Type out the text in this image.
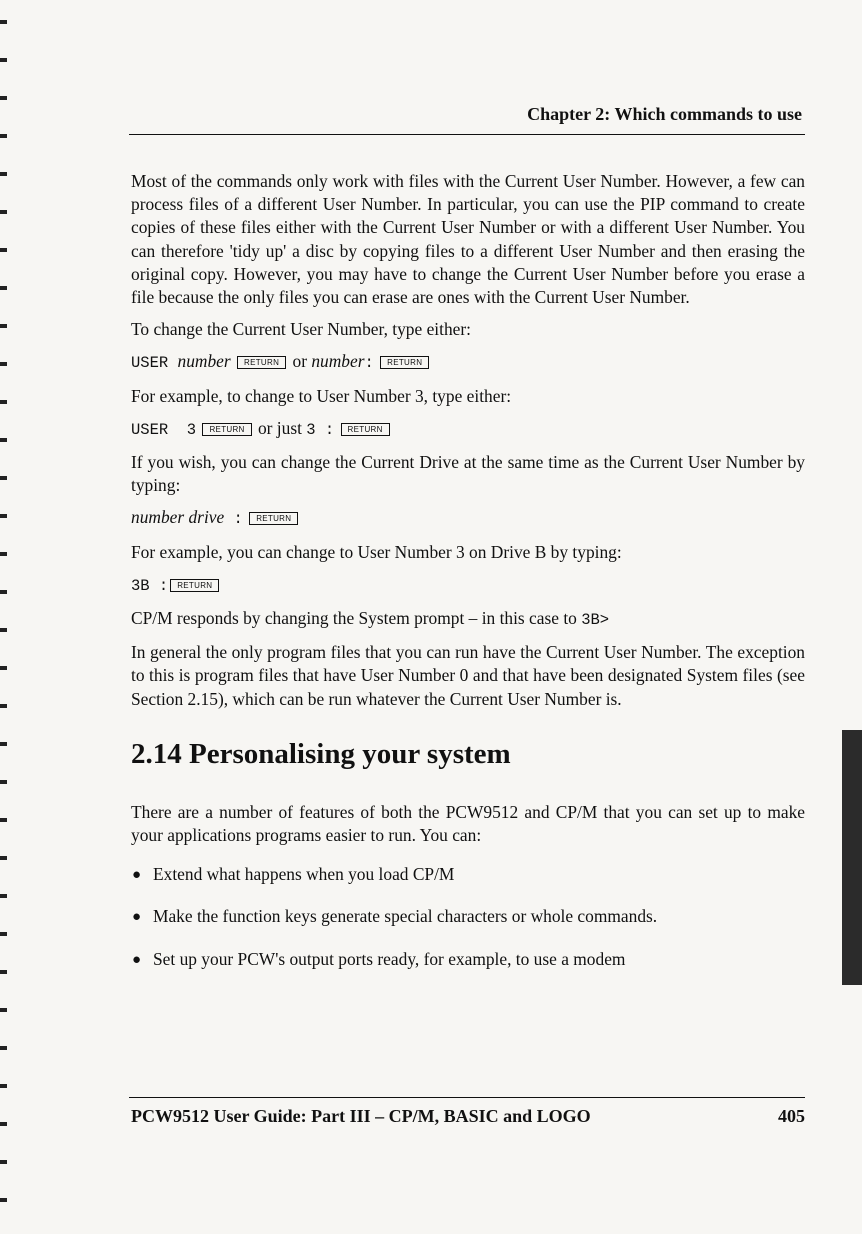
Chapter 2: Which commands to use

Most of the commands only work with files with the Current User Number. However, a few can process files of a different User Number. In particular, you can use the PIP command to create copies of these files either with the Current User Number or with a different User Number. You can therefore 'tidy up' a disc by copying files to a different User Number and then erasing the original copy. However, you may have to change the Current User Number before you erase a file because the only files you can erase are ones with the Current User Number.

To change the Current User Number, type either:

USER number RETURN or number: RETURN

For example, to change to User Number 3, type either:

USER  3 RETURN or just 3 : RETURN

If you wish, you can change the Current Drive at the same time as the Current User Number by typing:

number drive : RETURN

For example, you can change to User Number 3 on Drive B by typing:

3B : RETURN

CP/M responds by changing the System prompt – in this case to 3B>

In general the only program files that you can run have the Current User Number. The exception to this is program files that have User Number 0 and that have been designated System files (see Section 2.15), which can be run whatever the Current User Number is.

2.14 Personalising your system

There are a number of features of both the PCW9512 and CP/M that you can set up to make your applications programs easier to run. You can:

● Extend what happens when you load CP/M
● Make the function keys generate special characters or whole commands.
● Set up your PCW's output ports ready, for example, to use a modem
PCW9512 User Guide: Part III – CP/M, BASIC and LOGO	405
